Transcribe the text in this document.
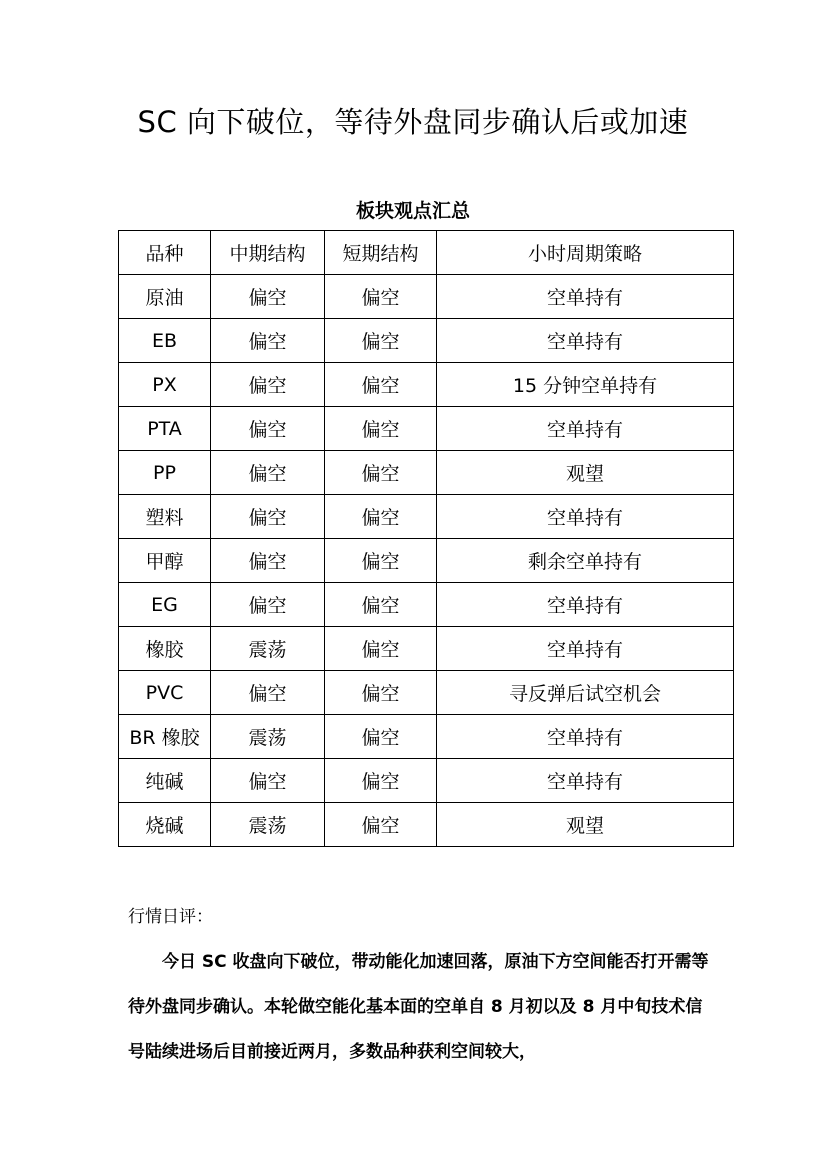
SC 向下破位，等待外盘同步确认后或加速
板块观点汇总
品种	中期结构	短期结构	小时周期策略
原油	偏空	偏空	空单持有
EB	偏空	偏空	空单持有
PX	偏空	偏空	15 分钟空单持有
PTA	偏空	偏空	空单持有
PP	偏空	偏空	观望
塑料	偏空	偏空	空单持有
甲醇	偏空	偏空	剩余空单持有
EG	偏空	偏空	空单持有
橡胶	震荡	偏空	空单持有
PVC	偏空	偏空	寻反弹后试空机会
BR 橡胶	震荡	偏空	空单持有
纯碱	偏空	偏空	空单持有
烧碱	震荡	偏空	观望
行情日评：
今日 SC 收盘向下破位，带动能化加速回落，原油下方空间能否打开需等待外盘同步确认。本轮做空能化基本面的空单自 8 月初以及 8 月中旬技术信号陆续进场后目前接近两月，多数品种获利空间较大，
